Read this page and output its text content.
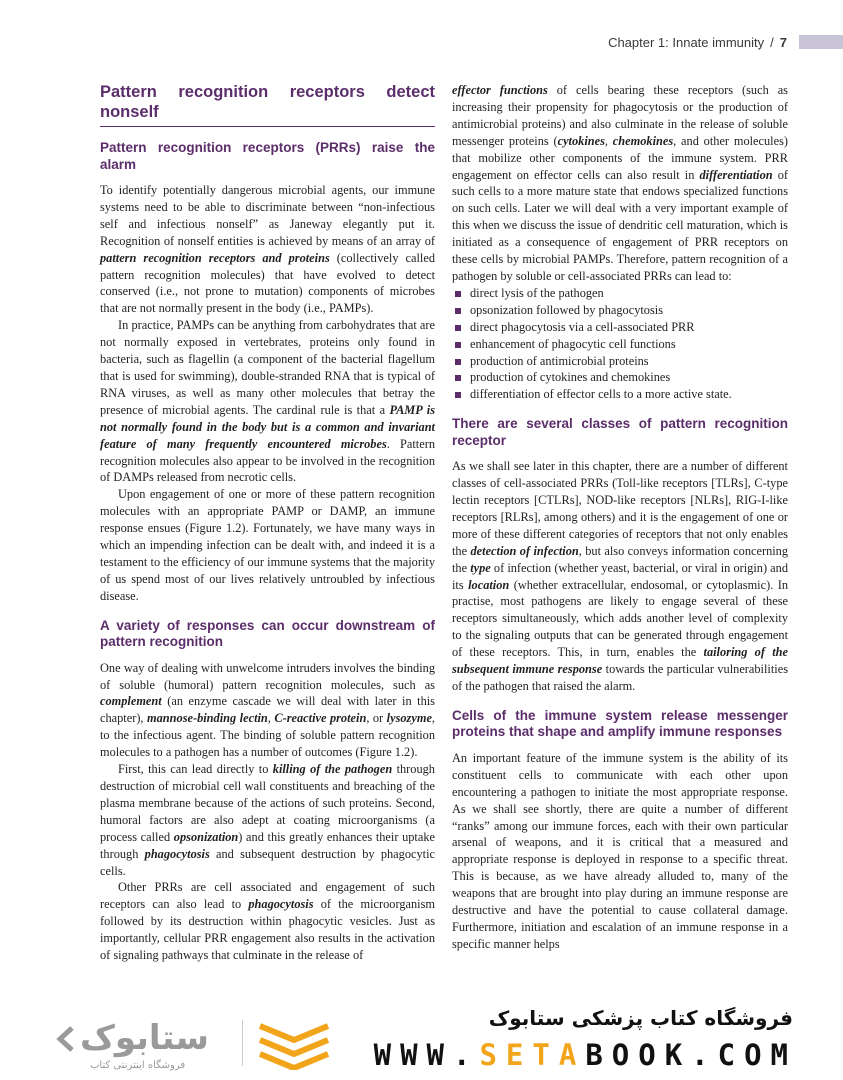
Chapter 1: Innate immunity / 7
Pattern recognition receptors detect nonself
Pattern recognition receptors (PRRs) raise the alarm

To identify potentially dangerous microbial agents, our immune systems need to be able to discriminate between “non-infectious self and infectious nonself” as Janeway elegantly put it. Recognition of nonself entities is achieved by means of an array of pattern recognition receptors and proteins (collectively called pattern recognition molecules) that have evolved to detect conserved (i.e., not prone to mutation) components of microbes that are not normally present in the body (i.e., PAMPs).

In practice, PAMPs can be anything from carbohydrates that are not normally exposed in vertebrates, proteins only found in bacteria, such as flagellin (a component of the bacterial flagellum that is used for swimming), double-stranded RNA that is typical of RNA viruses, as well as many other molecules that betray the presence of microbial agents. The cardinal rule is that a PAMP is not normally found in the body but is a common and invariant feature of many frequently encountered microbes. Pattern recognition molecules also appear to be involved in the recognition of DAMPs released from necrotic cells.

Upon engagement of one or more of these pattern recognition molecules with an appropriate PAMP or DAMP, an immune response ensues (Figure 1.2). Fortunately, we have many ways in which an impending infection can be dealt with, and indeed it is a testament to the efficiency of our immune systems that the majority of us spend most of our lives relatively untroubled by infectious disease.

A variety of responses can occur downstream of pattern recognition

One way of dealing with unwelcome intruders involves the binding of soluble (humoral) pattern recognition molecules, such as complement (an enzyme cascade we will deal with later in this chapter), mannose-binding lectin, C-reactive protein, or lysozyme, to the infectious agent. The binding of soluble pattern recognition molecules to a pathogen has a number of outcomes (Figure 1.2).

First, this can lead directly to killing of the pathogen through destruction of microbial cell wall constituents and breaching of the plasma membrane because of the actions of such proteins. Second, humoral factors are also adept at coating microorganisms (a process called opsonization) and this greatly enhances their uptake through phagocytosis and subsequent destruction by phagocytic cells.

Other PRRs are cell associated and engagement of such receptors can also lead to phagocytosis of the microorganism followed by its destruction within phagocytic vesicles. Just as importantly, cellular PRR engagement also results in the activation of signaling pathways that culminate in the release of

effector functions of cells bearing these receptors (such as increasing their propensity for phagocytosis or the production of antimicrobial proteins) and also culminate in the release of soluble messenger proteins (cytokines, chemokines, and other molecules) that mobilize other components of the immune system. PRR engagement on effector cells can also result in differentiation of such cells to a more mature state that endows specialized functions on such cells. Later we will deal with a very important example of this when we discuss the issue of dendritic cell maturation, which is initiated as a consequence of engagement of PRR receptors on these cells by microbial PAMPs. Therefore, pattern recognition of a pathogen by soluble or cell-associated PRRs can lead to:

direct lysis of the pathogen
opsonization followed by phagocytosis
direct phagocytosis via a cell-associated PRR
enhancement of phagocytic cell functions
production of antimicrobial proteins
production of cytokines and chemokines
differentiation of effector cells to a more active state.
There are several classes of pattern recognition receptor

As we shall see later in this chapter, there are a number of different classes of cell-associated PRRs (Toll-like receptors [TLRs], C-type lectin receptors [CTLRs], NOD-like receptors [NLRs], RIG-I-like receptors [RLRs], among others) and it is the engagement of one or more of these different categories of receptors that not only enables the detection of infection, but also conveys information concerning the type of infection (whether yeast, bacterial, or viral in origin) and its location (whether extracellular, endosomal, or cytoplasmic). In practise, most pathogens are likely to engage several of these receptors simultaneously, which adds another level of complexity to the signaling outputs that can be generated through engagement of these receptors. This, in turn, enables the tailoring of the subsequent immune response towards the particular vulnerabilities of the pathogen that raised the alarm.

Cells of the immune system release messenger proteins that shape and amplify immune responses

An important feature of the immune system is the ability of its constituent cells to communicate with each other upon encountering a pathogen to initiate the most appropriate response. As we shall see shortly, there are quite a number of different “ranks” among our immune forces, each with their own particular arsenal of weapons, and it is critical that a measured and appropriate response is deployed in response to a specific threat. This is because, as we have already alluded to, many of the weapons that are brought into play during an immune response are destructive and have the potential to cause collateral damage. Furthermore, initiation and escalation of an immune response in a specific manner helps

ستابوک
فروشگاه اینترنتی کتاب
فروشگاه کتاب پزشکی ستابوک
WWW.SETABOOK.COM
